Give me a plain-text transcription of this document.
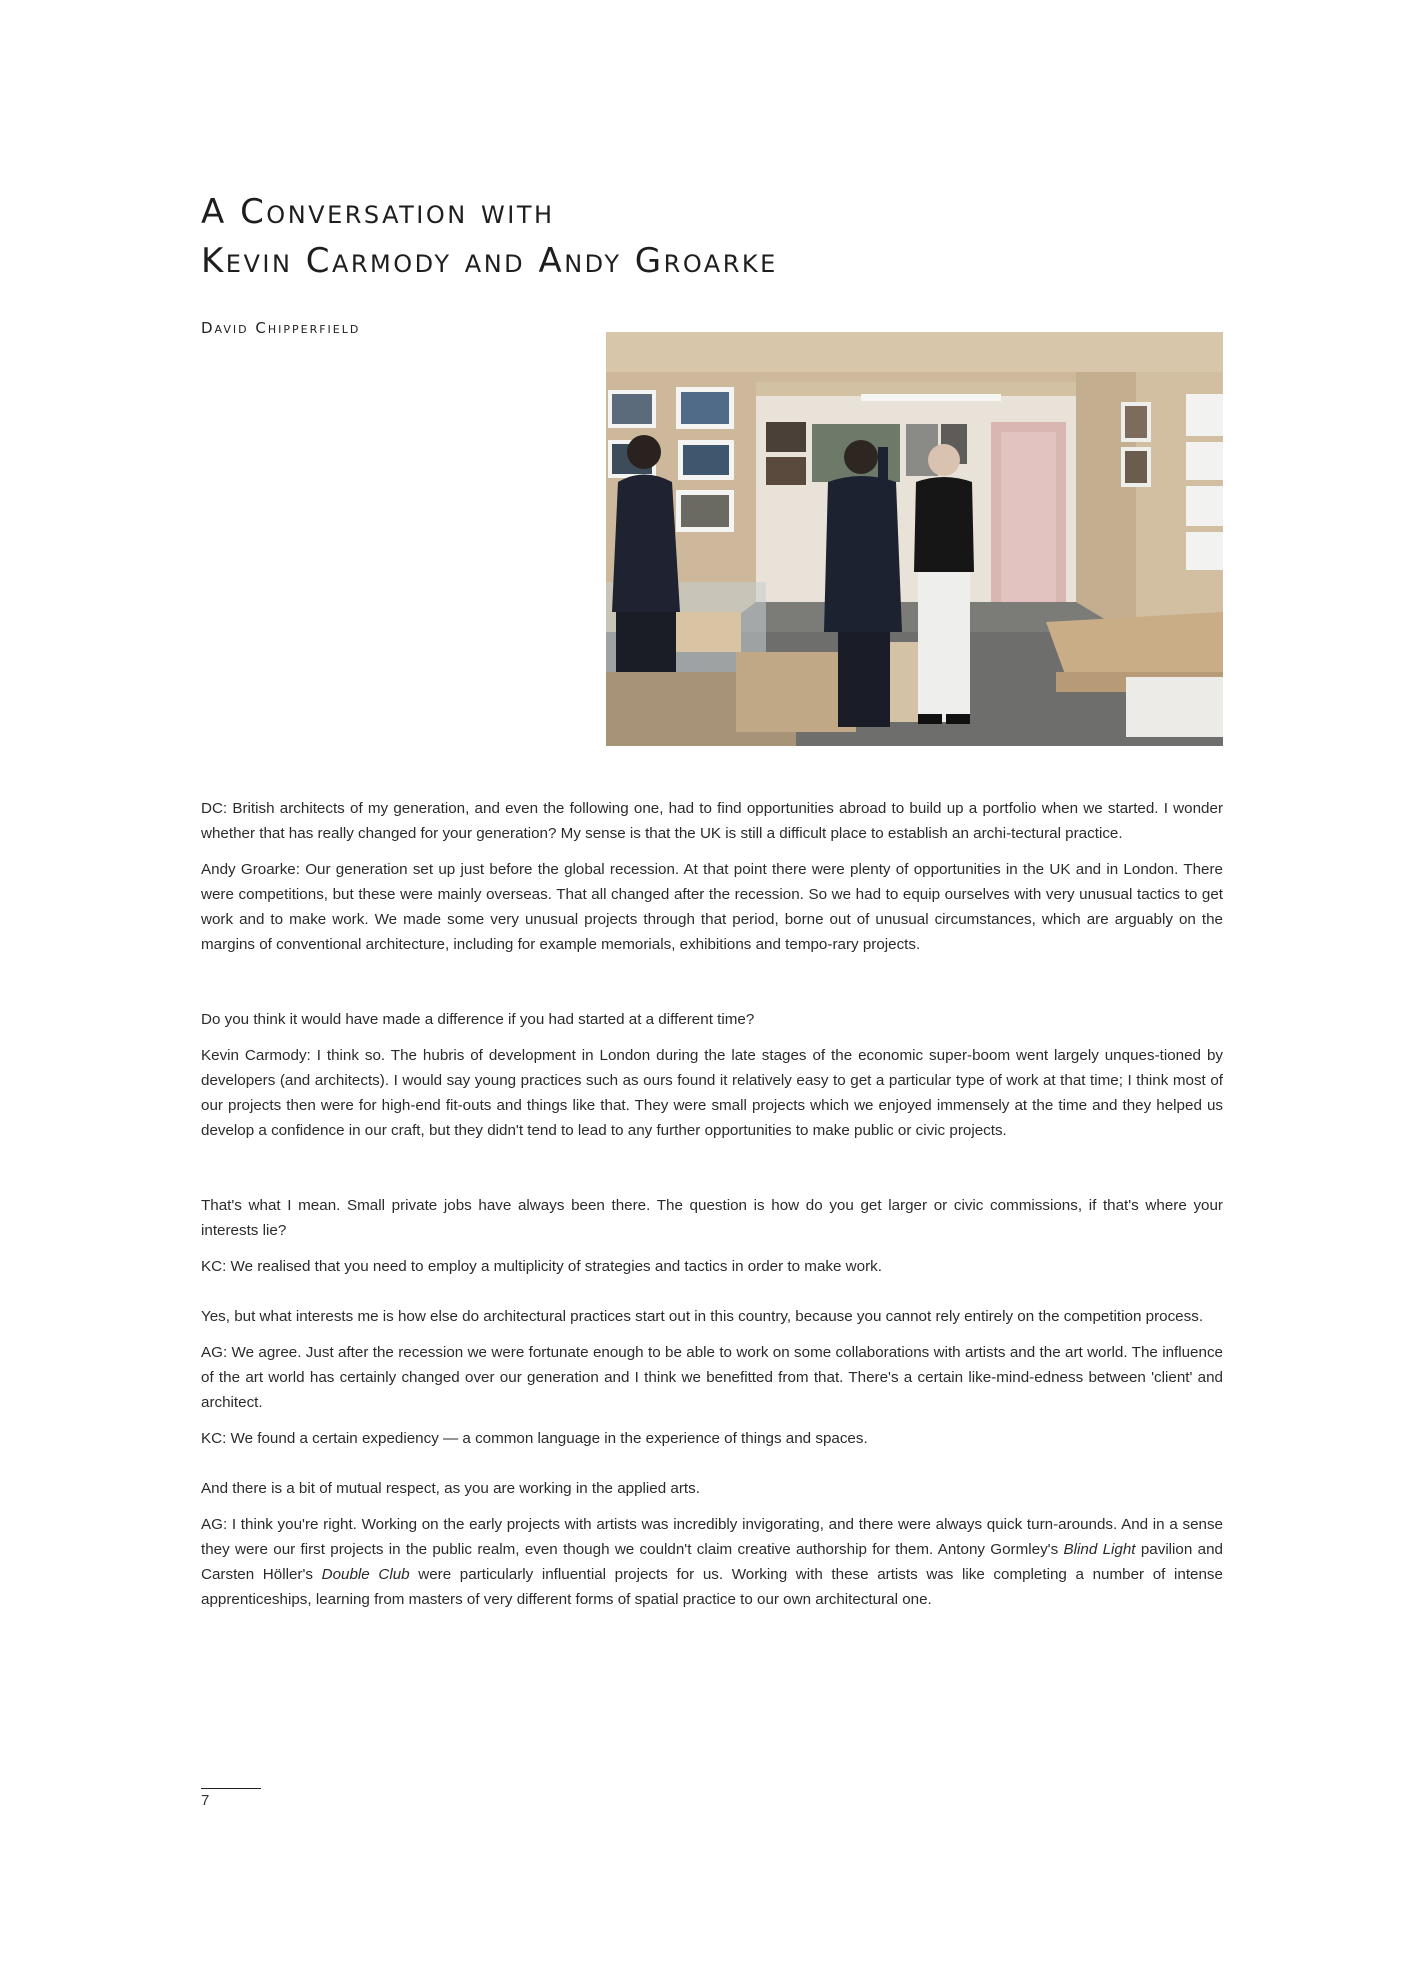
A Conversation with
Kevin Carmody and Andy Groarke
David Chipperfield

DC: British architects of my generation, and even the following one, had to find opportunities abroad to build up a portfolio when we started. I wonder whether that has really changed for your generation? My sense is that the UK is still a difficult place to establish an archi-tectural practice.

Andy Groarke: Our generation set up just before the global recession. At that point there were plenty of opportunities in the UK and in London. There were competitions, but these were mainly overseas. That all changed after the recession. So we had to equip ourselves with very unusual tactics to get work and to make work. We made some very unusual projects through that period, borne out of unusual circumstances, which are arguably on the margins of conventional architecture, including for example memorials, exhibitions and tempo-rary projects.

Do you think it would have made a difference if you had started at a different time?

Kevin Carmody: I think so. The hubris of development in London during the late stages of the economic super-boom went largely unques-tioned by developers (and architects). I would say young practices such as ours found it relatively easy to get a particular type of work at that time; I think most of our projects then were for high-end fit-outs and things like that. They were small projects which we enjoyed immensely at the time and they helped us develop a confidence in our craft, but they didn't tend to lead to any further opportunities to make public or civic projects.

That's what I mean. Small private jobs have always been there. The question is how do you get larger or civic commissions, if that's where your interests lie?

KC: We realised that you need to employ a multiplicity of strategies and tactics in order to make work.

Yes, but what interests me is how else do architectural practices start out in this country, because you cannot rely entirely on the competition process.

AG: We agree. Just after the recession we were fortunate enough to be able to work on some collaborations with artists and the art world. The influence of the art world has certainly changed over our generation and I think we benefitted from that. There's a certain like-mind-edness between 'client' and architect.

KC: We found a certain expediency — a common language in the experience of things and spaces.

And there is a bit of mutual respect, as you are working in the applied arts.

AG: I think you're right. Working on the early projects with artists was incredibly invigorating, and there were always quick turn-arounds. And in a sense they were our first projects in the public realm, even though we couldn't claim creative authorship for them. Antony Gormley's Blind Light pavilion and Carsten Höller's Double Club were particularly influential projects for us. Working with these artists was like completing a number of intense apprenticeships, learning from masters of very different forms of spatial practice to our own architectural one.

7
